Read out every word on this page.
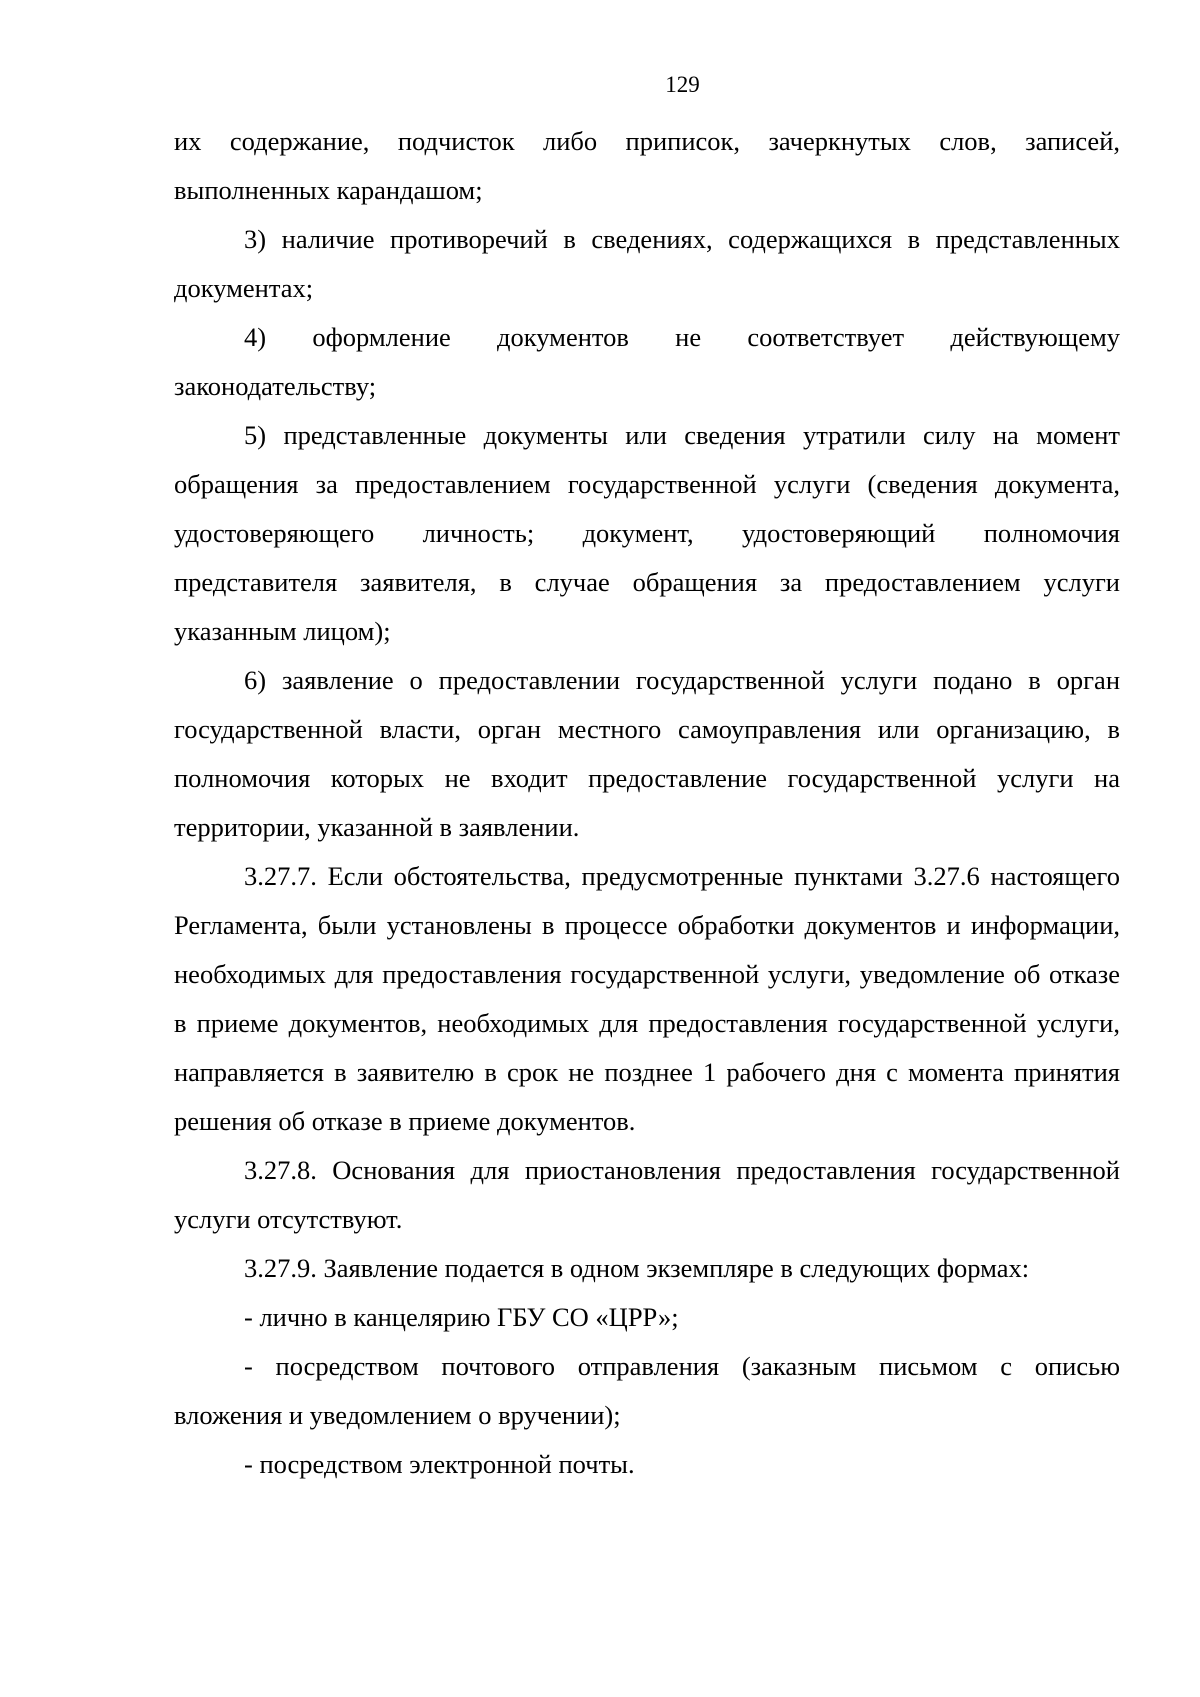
129

их содержание, подчисток либо приписок, зачеркнутых слов, записей, выполненных карандашом;

3) наличие противоречий в сведениях, содержащихся в представленных документах;

4) оформление документов не соответствует действующему законодательству;

5) представленные документы или сведения утратили силу на момент обращения за предоставлением государственной услуги (сведения документа, удостоверяющего личность; документ, удостоверяющий полномочия представителя заявителя, в случае обращения за предоставлением услуги указанным лицом);

6) заявление о предоставлении государственной услуги подано в орган государственной власти, орган местного самоуправления или организацию, в полномочия которых не входит предоставление государственной услуги на территории, указанной в заявлении.

3.27.7. Если обстоятельства, предусмотренные пунктами 3.27.6 настоящего Регламента, были установлены в процессе обработки документов и информации, необходимых для предоставления государственной услуги, уведомление об отказе в приеме документов, необходимых для предоставления государственной услуги, направляется в заявителю в срок не позднее 1 рабочего дня с момента принятия решения об отказе в приеме документов.

3.27.8. Основания для приостановления предоставления государственной услуги отсутствуют.

3.27.9. Заявление подается в одном экземпляре в следующих формах:

- лично в канцелярию ГБУ СО «ЦРР»;

- посредством почтового отправления (заказным письмом с описью вложения и уведомлением о вручении);

- посредством электронной почты.
